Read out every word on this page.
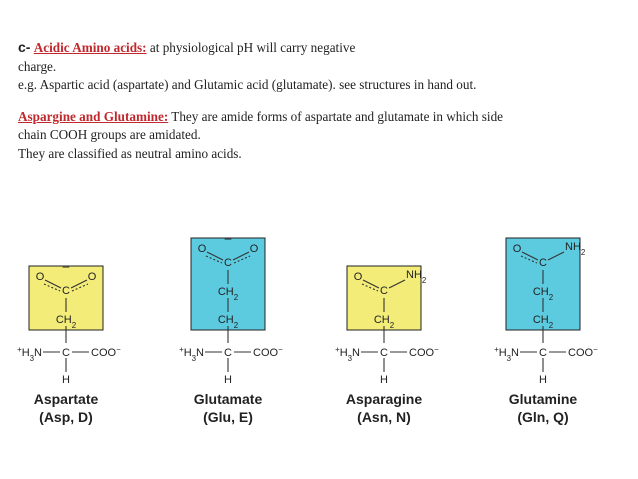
c- Acidic Amino acids: at physiological pH will carry negative
charge.
e.g. Aspartic acid (aspartate) and Glutamic acid (glutamate). see structures in hand out.
Aspargine and Glutamine: They are amide forms of aspartate and glutamate in which side
chain COOH groups are amidated.
They are classified as neutral amino acids.
C
O	O
–
$CH_2$
C
$^+H_3N$	COO−
H
Aspartate
(Asp, D)
C
O	O
–
$CH_2$
$CH_2$
C
$^+H_3N$	COO−
H
Glutamate
(Glu, E)
C
O	$NH_2$
$CH_2$
C
$^+H_3N$	COO−
H
Asparagine
(Asn, N)
C
O	$NH_2$
$CH_2$
$CH_2$
C
$^+H_3N$	COO−
H
Glutamine
(Gln, Q)
